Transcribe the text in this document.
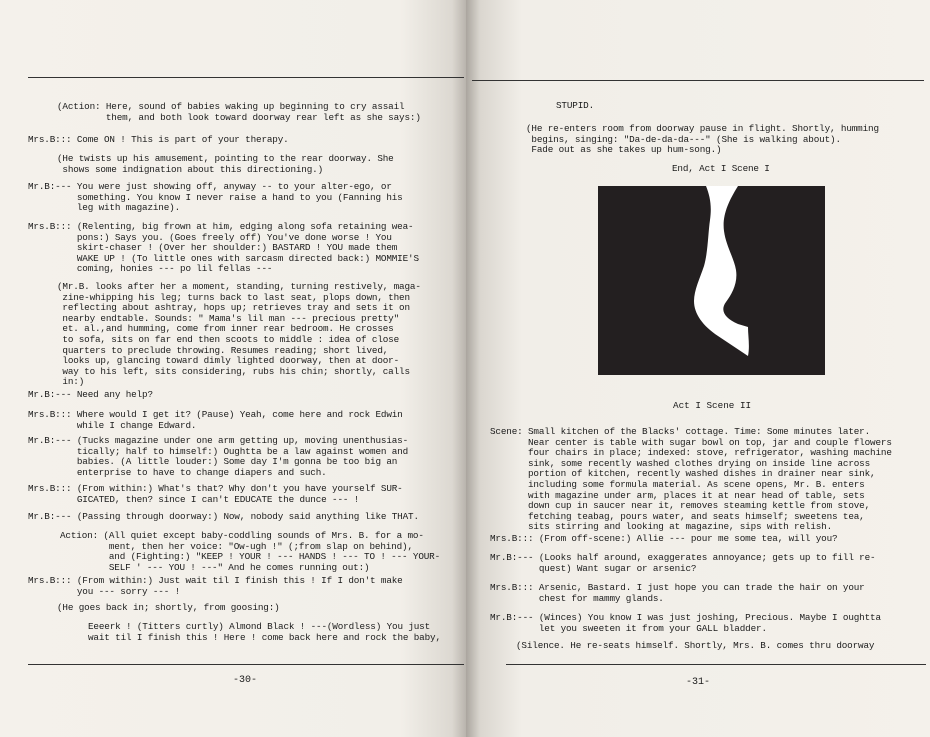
(Action: Here, sound of babies waking up beginning to cry assail
them, and both look toward doorway rear left as she says:)
Mrs.B::: Come ON ! This is part of your therapy.
(He twists up his amusement, pointing to the rear doorway. She
shows some indignation about this directioning.)
Mr.B:--- You were just showing off, anyway -- to your alter-ego, or
something. You know I never raise a hand to you (Fanning his
leg with magazine).
Mrs.B::: (Relenting, big frown at him, edging along sofa retaining wea-
pons:) Says you. (Goes freely off) You've done worse ! You
skirt-chaser ! (Over her shoulder:) BASTARD ! YOU made them
WAKE UP ! (To little ones with sarcasm directed back:) MOMMIE'S
coming, honies --- po lil fellas ---
(Mr.B. looks after her a moment, standing, turning restively, maga-
zine-whipping his leg; turns back to last seat, plops down, then
reflecting about ashtray, hops up; retrieves tray and sets it on
nearby endtable. Sounds: " Mama's lil man --- precious pretty"
et. al.,and humming, come from inner rear bedroom. He crosses
to sofa, sits on far end then scoots to middle : idea of close
quarters to preclude throwing. Resumes reading; short lived,
looks up, glancing toward dimly lighted doorway, then at door-
way to his left, sits considering, rubs his chin; shortly, calls
in:)
Mr.B:--- Need any help?
Mrs.B::: Where would I get it? (Pause) Yeah, come here and rock Edwin
while I change Edward.
Mr.B:--- (Tucks magazine under one arm getting up, moving unenthusias-
tically; half to himself:) Oughtta be a law against women and
babies. (A little louder:) Some day I'm gonna be too big an
enterprise to have to change diapers and such.
Mrs.B::: (From within:) What's that? Why don't you have yourself SUR-
GICATED, then? since I can't EDUCATE the dunce --- !
Mr.B:--- (Passing through doorway:) Now, nobody said anything like THAT.
Action: (All quiet except baby-coddling sounds of Mrs. B. for a mo-
ment, then her voice: "Ow-ugh !" (;from slap on behind),
and (Fighting:) "KEEP ! YOUR ! --- HANDS ! --- TO ! --- YOUR-
SELF ' --- YOU ! ---" And he comes running out:)
Mrs.B::: (From within:) Just wait til I finish this ! If I don't make
you --- sorry --- !
(He goes back in; shortly, from goosing:)
Eeeerk ! (Titters curtly) Almond Black ! ---(Wordless) You just
wait til I finish this ! Here ! come back here and rock the baby,
-30-
STUPID.
(He re-enters room from doorway pause in flight. Shortly, humming
begins, singing: "Da-de-da-da---" (She is walking about).
Fade out as she takes up hum-song.)
End, Act I Scene I
Act I Scene II
Scene: Small kitchen of the Blacks' cottage. Time: Some minutes later.
Near center is table with sugar bowl on top, jar and couple flowers
four chairs in place; indexed: stove, refrigerator, washing machine
sink, some recently washed clothes drying on inside line across
portion of kitchen, recently washed dishes in drainer near sink,
including some formula material. As scene opens, Mr. B. enters
with magazine under arm, places it at near head of table, sets
down cup in saucer near it, removes steaming kettle from stove,
fetching teabag, pours water, and seats himself; sweetens tea,
sits stirring and looking at magazine, sips with relish.
Mrs.B::: (From off-scene:) Allie --- pour me some tea, will you?
Mr.B:--- (Looks half around, exaggerates annoyance; gets up to fill re-
quest) Want sugar or arsenic?
Mrs.B::: Arsenic, Bastard. I just hope you can trade the hair on your
chest for mammy glands.
Mr.B:--- (Winces) You know I was just joshing, Precious. Maybe I oughtta
let you sweeten it from your GALL bladder.
(Silence. He re-seats himself. Shortly, Mrs. B. comes thru doorway
-31-
